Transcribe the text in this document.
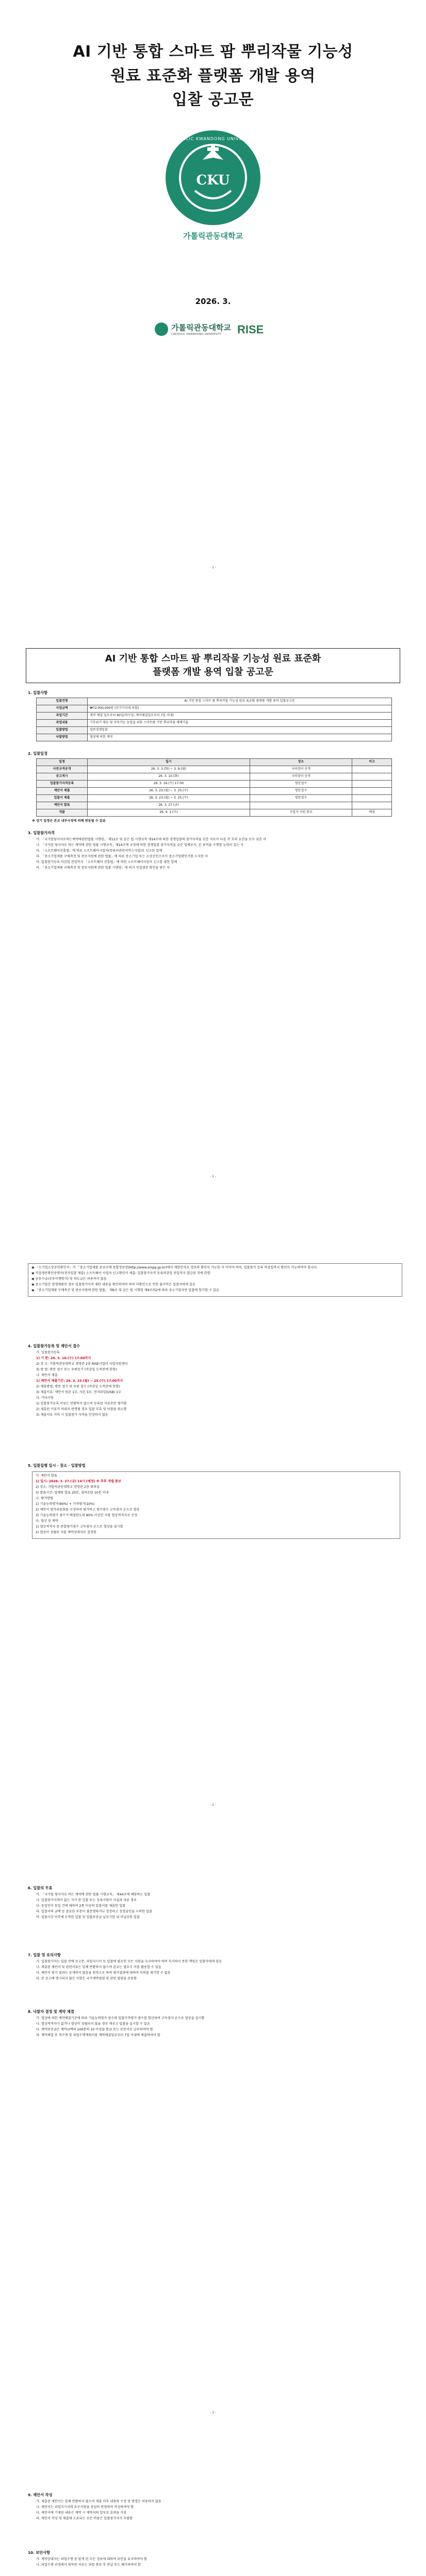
AI 기반 통합 스마트 팜 뿌리작물 기능성
원료 표준화 플랫폼 개발 용역
입찰 공고문
CKU
CATHOLIC KWANDONG UNIVERSITY
가톨릭관동대학교
2026. 3.
가톨릭관동대학교
CATHOLIC KWANDONG UNIVERSITY RISE
- 1 -
AI 기반 통합 스마트 팜 뿌리작물 기능성 원료 표준화
플랫폼 개발 용역 입찰 공고문
1. 입찰사항
입찰건명	AI 기반 통합 스마트 팜 뿌리작물 기능성 원료 표준화 플랫폼 개발 용역 입찰공고문
사업금액	₩72,000,000원 (부가가치세 포함)
과업기간	계약 체결 일로부터 60일(착수일: 계약체결일로부터 7일 이내)
과업내용	기후위기 대응 및 지속가능 농업을 위한 스마트팜 기반 뿌리작물 재배기술
입찰방법	일반경쟁입찰
낙찰방법	협상에 의한 계약
2. 입찰일정
일정	일시	장소	비고
사전규격공개	26. 3. 3.(화) ~ 3. 9.(월)	나라장터 공개	
공고게시	26. 3. 10.(화)	나라장터 공개	
입찰참가자격등록	26. 3. 16.(수) 17:00	방문접수	
제안서 제출	26. 3. 23.(월) ~ 3. 25.(수)	방문접수	
입찰서 제출	26. 3. 23.(월) ~ 3. 25.(수)	방문접수	
제안서 발표	26. 3. 27.(금)		
개찰	26. 4. 1.(수)	사업자 지원 통보	예정
※ 상기 일정은 본교 내부사정에 의해 변동될 수 있음
3. 입찰참가자격

가. 「국가를당사자로하는계약에관한법률 시행령」 제12조 및 같은 법 시행규칙 제14조에 의한 경쟁입찰의 참가자격을 갖춘 자로서 다음 각 호의 요건을 모두 갖춘 자

나. 「국가를 당사자로 하는 계약에 관한 법률 시행규칙」제14조에 규정에 의한 경쟁입찰 참가자격을 갖춘 업체로서, 본 용역을 수행할 능력이 있는 자

다. 「소프트웨어진흥법」에 따른 소프트웨어사업자(컴퓨터관련서비스사업)로 신고된 업체

라. 「중소기업제품 구매촉진 및 판로지원에 관한 법률」에 따른 중소기업 또는 소상공인으로서 중소기업확인서를 소지한 자

마. 입찰참가등록 마감일 전일까지 「소프트웨어 진흥법」에 의한 소프트웨어사업자 신고를 필한 업체

바. 「중소기업제품 구매촉진 및 판로지원에 관한 법률 시행령」에 의거 직접생산 확인을 받은 자

- 1 -

◉ 「소기업소상공인확인서」가 「중소기업제품 공공구매 종합정보망(http://www.smpp.go.kr)에서 제한인자요 정보의 확인이 가능한 자 이어야 하며, 입찰참가 등록 마감일까지 확인이 가능하여야 합니다.

◉ 직접생산확인증명서(전자입찰 제출) 소프트웨어 사업자 신고확인서 제출: 입찰참가자격 등록마감일 전일까지 발급된 것에 한함

◉ 공동수급(공동이행방식) 및 하도급은 허용하지 않음

◉ 중소기업간 경쟁제품인 경우 입찰참가자격 제한 내용을 확인하여야 하며 미확인으로 인한 불이익은 입찰자에게 있음

◉ 「중소기업제품 구매촉진 및 판로지원에 관한 법률」 제9조 및 같은 법 시행령 제9조의2에 따라 중소기업자만 입찰에 참가할 수 있음

4. 입찰참가등록 및 제안서 접수

가. 입찰참가등록

1) 기 한: 26. 3. 16.(수) 17:00까지

2) 장 소: 가톨릭관동대학교 경영관 2층 RISE사업단 사업지원센터

3) 방 법: 방문 접수 또는 우편등기 (마감일 도착분에 한함)

나. 제안서 제출

1) 제안서 제출기간: 26. 3. 23.(월) ~ 25.(수) 17:00까지

2) 제출방법: 방문 접수 및 우편 접수 (마감일 도착분에 한함)

3) 제출서류: 제안서 원본 1부, 사본 5부, 전자파일(USB) 1부

다. 기타사항

1) 입찰참가등록 서류는 반환하지 않으며 등록된 서류로만 평가함

2) 제출된 서류가 허위로 판명될 경우 입찰 무효 및 낙찰을 취소함

3) 제출서류 미비 시 입찰참가 자격을 인정하지 않음

5. 입찰집행 일시 · 장소 · 입찰방법

가. 제안서 발표

1) 일시: 2026. 3. 27.(금) 14시 (예정) ※ 추후 개별 통보

2) 장소: 가톨릭관동대학교 경영관 2층 회의실

3) 발표시간: 업체당 발표 20분, 질의응답 10분 이내

나. 평가방법

1) 기술능력평가(90%) + 가격평가(10%)

2) 제안서 평가위원회를 구성하여 평가하고 평가점수 고득점자 순으로 협상

3) 기술능력평가 점수가 배점한도의 85% 이상인 자를 협상적격자로 선정

다. 협상 및 계약

1) 협상적격자 중 종합평가점수 고득점자 순으로 협상을 실시함

2) 협상이 성립된 자를 계약상대자로 결정함

- 2 -
6. 입찰의 무효

가. 「국가를 당사자로 하는 계약에 관한 법률 시행규칙」 제44조에 해당하는 입찰

나. 입찰참가자격이 없는 자가 한 입찰 또는 등록사항이 사실과 다른 경우

다. 동일인이 동일 건에 대하여 2통 이상의 입찰서를 제출한 입찰

라. 입찰서의 금액 등 중요한 부분이 불분명하거나 정정하고 정정날인을 누락한 입찰

마. 입찰시간 이후에 도착한 입찰 및 입찰보증금 납부기한 내 미납부한 입찰

7. 입찰 및 유의사항

가. 입찰참가자는 입찰 전에 공고문, 과업지시서 등 입찰에 필요한 모든 사항을 숙지하여야 하며 숙지하지 못한 책임은 입찰자에게 있음

나. 제출된 제안서 및 관련서류는 일체 반환하지 않으며 본교는 필요시 이를 활용할 수 있음

다. 제안서 평가 결과는 공개하지 않음을 원칙으로 하며 평가결과에 대하여 이의를 제기할 수 없음

라. 본 공고에 명시되지 않은 사항은 국가계약법령 및 관련 법령을 준용함

8. 낙찰자 결정 및 계약 체결

가. 협상에 의한 계약체결기준에 따라 기술능력평가 점수와 입찰가격평가 점수를 합산하여 고득점자 순으로 협상을 실시함

나. 협상적격자가 없거나 협상이 성립되지 않을 경우 재공고 입찰을 실시할 수 있음

다. 계약보증금은 계약금액의 100분의 10 이상을 현금 또는 보증서로 납부하여야 함

라. 계약체결 후 착수계 및 과업수행계획서를 계약체결일로부터 7일 이내에 제출하여야 함

- 3 -
9. 제안서 작성

가. 제출된 제안서는 일체 반환하지 않으며 제출 이후 내용의 수정 및 변경은 허용하지 않음

나. 제안서는 과업지시서의 요구사항을 충실히 반영하여 작성하여야 함

다. 제안서에 기재된 내용은 계약 시 계약서의 일부로 효력을 가짐

라. 제안서 작성 및 제출에 소요되는 모든 비용은 입찰참가자가 부담함

10. 보안사항

가. 계약상대자는 과업수행 중 알게 된 모든 정보에 대하여 보안을 유지하여야 함

나. 과업수행 과정에서 취득한 자료는 과업 종료 후 반납 또는 폐기하여야 함
